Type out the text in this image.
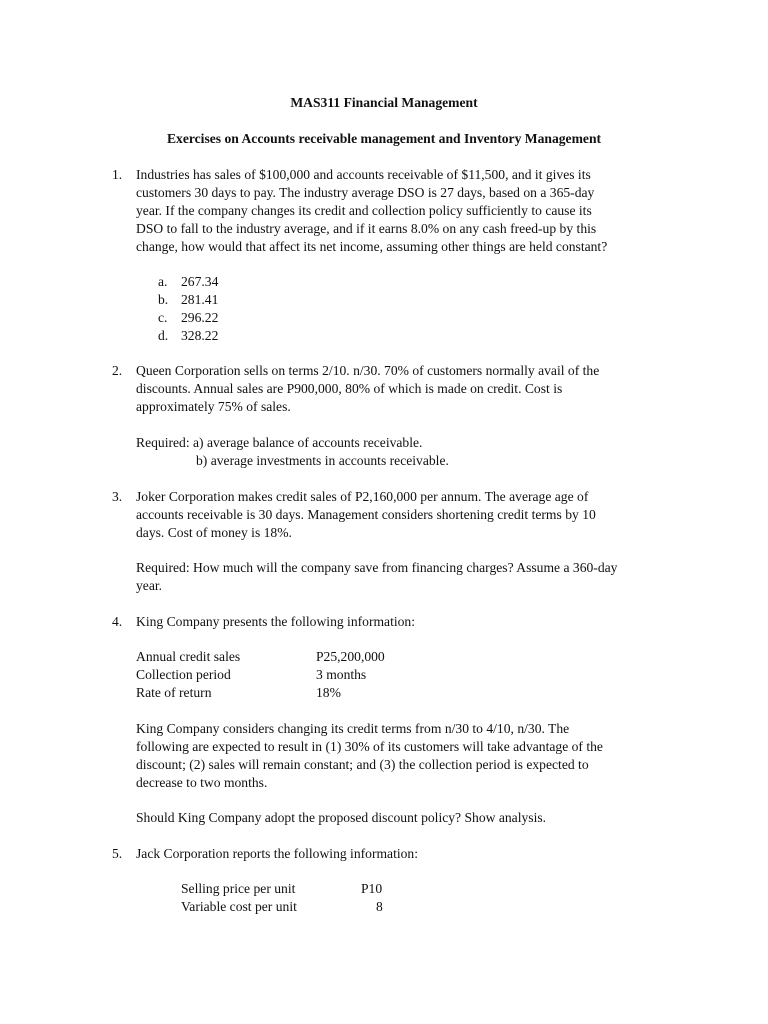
MAS311 Financial Management
Exercises on Accounts receivable management and Inventory Management
1. Industries has sales of $100,000 and accounts receivable of $11,500, and it gives its
customers 30 days to pay. The industry average DSO is 27 days, based on a 365-day
year. If the company changes its credit and collection policy sufficiently to cause its
DSO to fall to the industry average, and if it earns 8.0% on any cash freed-up by this
change, how would that affect its net income, assuming other things are held constant?
a. 267.34
b. 281.41
c. 296.22
d. 328.22
2. Queen Corporation sells on terms 2/10. n/30. 70% of customers normally avail of the
discounts. Annual sales are P900,000, 80% of which is made on credit. Cost is
approximately 75% of sales.
Required: a) average balance of accounts receivable.
b) average investments in accounts receivable.
3. Joker Corporation makes credit sales of P2,160,000 per annum. The average age of
accounts receivable is 30 days. Management considers shortening credit terms by 10
days. Cost of money is 18%.
Required: How much will the company save from financing charges? Assume a 360-day
year.
4. King Company presents the following information:
Annual credit sales	P25,200,000
Collection period	3 months
Rate of return	18%
King Company considers changing its credit terms from n/30 to 4/10, n/30. The
following are expected to result in (1) 30% of its customers will take advantage of the
discount; (2) sales will remain constant; and (3) the collection period is expected to
decrease to two months.
Should King Company adopt the proposed discount policy? Show analysis.
5. Jack Corporation reports the following information:
Selling price per unit	P10
Variable cost per unit	8
